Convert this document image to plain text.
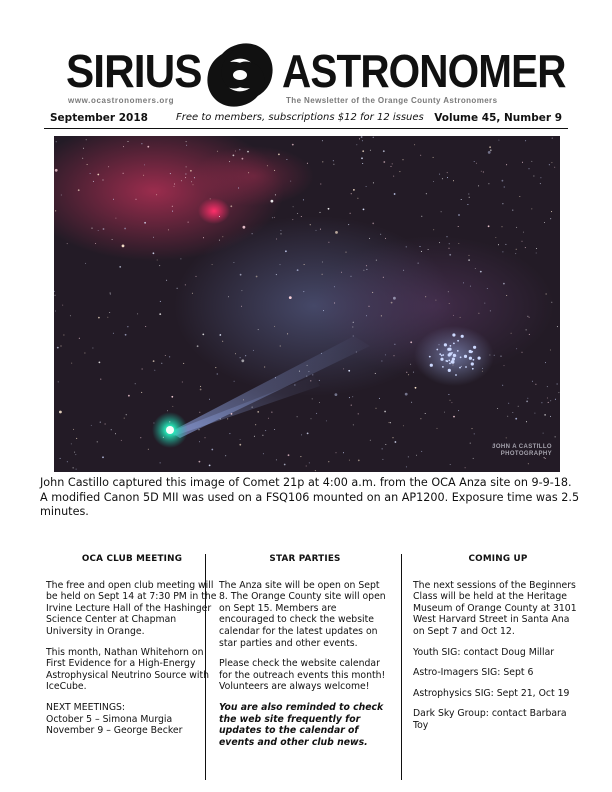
SIRIUS ASTRONOMER
www.ocastronomers.org	The Newsletter of the Orange County Astronomers
September 2018	Free to members, subscriptions $12 for 12 issues Volume 45, Number 9
JOHN A CASTILLO
PHOTOGRAPHY
John Castillo captured this image of Comet 21p at 4:00 a.m. from the OCA Anza site on 9-9-18. A modified Canon 5D MII was used on a FSQ106 mounted on an AP1200. Exposure time was 2.5 minutes.
OCA CLUB MEETING

The free and open club meeting will be held on Sept 14 at 7:30 PM in the Irvine Lecture Hall of the Hashinger Science Center at Chapman University in Orange.

This month, Nathan Whitehorn on First Evidence for a High-Energy Astrophysical Neutrino Source with IceCube.

NEXT MEETINGS:
October 5 – Simona Murgia
November 9 – George Becker
STAR PARTIES

The Anza site will be open on Sept 8. The Orange County site will open on Sept 15. Members are encouraged to check the website calendar for the latest updates on star parties and other events.

Please check the website calendar for the outreach events this month! Volunteers are always welcome!

You are also reminded to check the web site frequently for updates to the calendar of events and other club news.

COMING UP

The next sessions of the Beginners Class will be held at the Heritage Museum of Orange County at 3101 West Harvard Street in Santa Ana on Sept 7 and Oct 12.

Youth SIG: contact Doug Millar

Astro-Imagers SIG: Sept 6

Astrophysics SIG: Sept 21, Oct 19

Dark Sky Group: contact Barbara Toy
